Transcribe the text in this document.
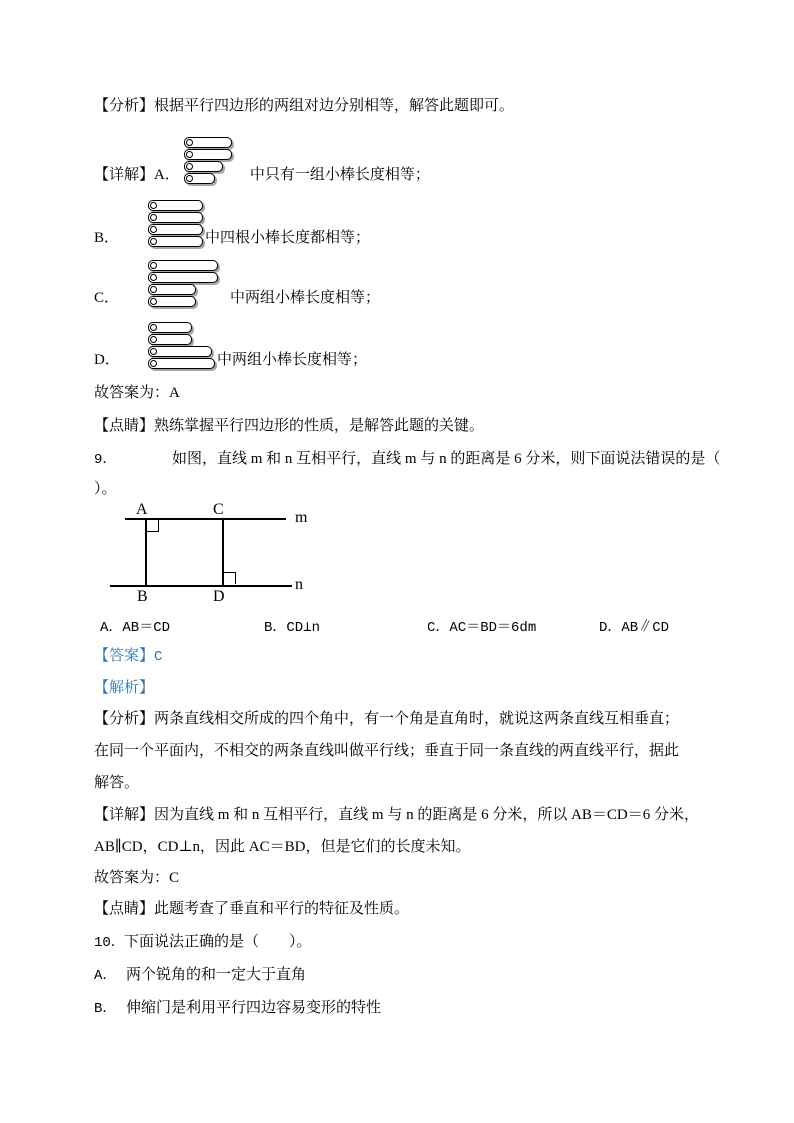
【分析】根据平行四边形的两组对边分别相等，解答此题即可。

【详解】A．	中只有一组小棒长度相等；
B．	中四根小棒长度都相等；
C．	中两组小棒长度相等；
D．	中两组小棒长度相等；

故答案为：A

【点睛】熟练掌握平行四边形的性质，是解答此题的关键。

9．	如图，直线 m 和 n 互相平行，直线 m 与 n 的距离是 6 分米，则下面说法错误的是（

）。

A	C	m
B	D
n
A．AB＝CD	B．CD⊥n	C．AC＝BD＝6dm	D．AB∥CD

【答案】C

【解析】

【分析】两条直线相交所成的四个角中，有一个角是直角时，就说这两条直线互相垂直；

在同一个平面内，不相交的两条直线叫做平行线；垂直于同一条直线的两直线平行，据此

解答。

【详解】因为直线 m 和 n 互相平行，直线 m 与 n 的距离是 6 分米，所以 AB＝CD＝6 分米，

AB∥CD，CD⊥n，因此 AC＝BD，但是它们的长度未知。

故答案为：C

【点睛】此题考查了垂直和平行的特征及性质。

10．下面说法正确的是（　　）。

A． 两个锐角的和一定大于直角

B． 伸缩门是利用平行四边容易变形的特性
